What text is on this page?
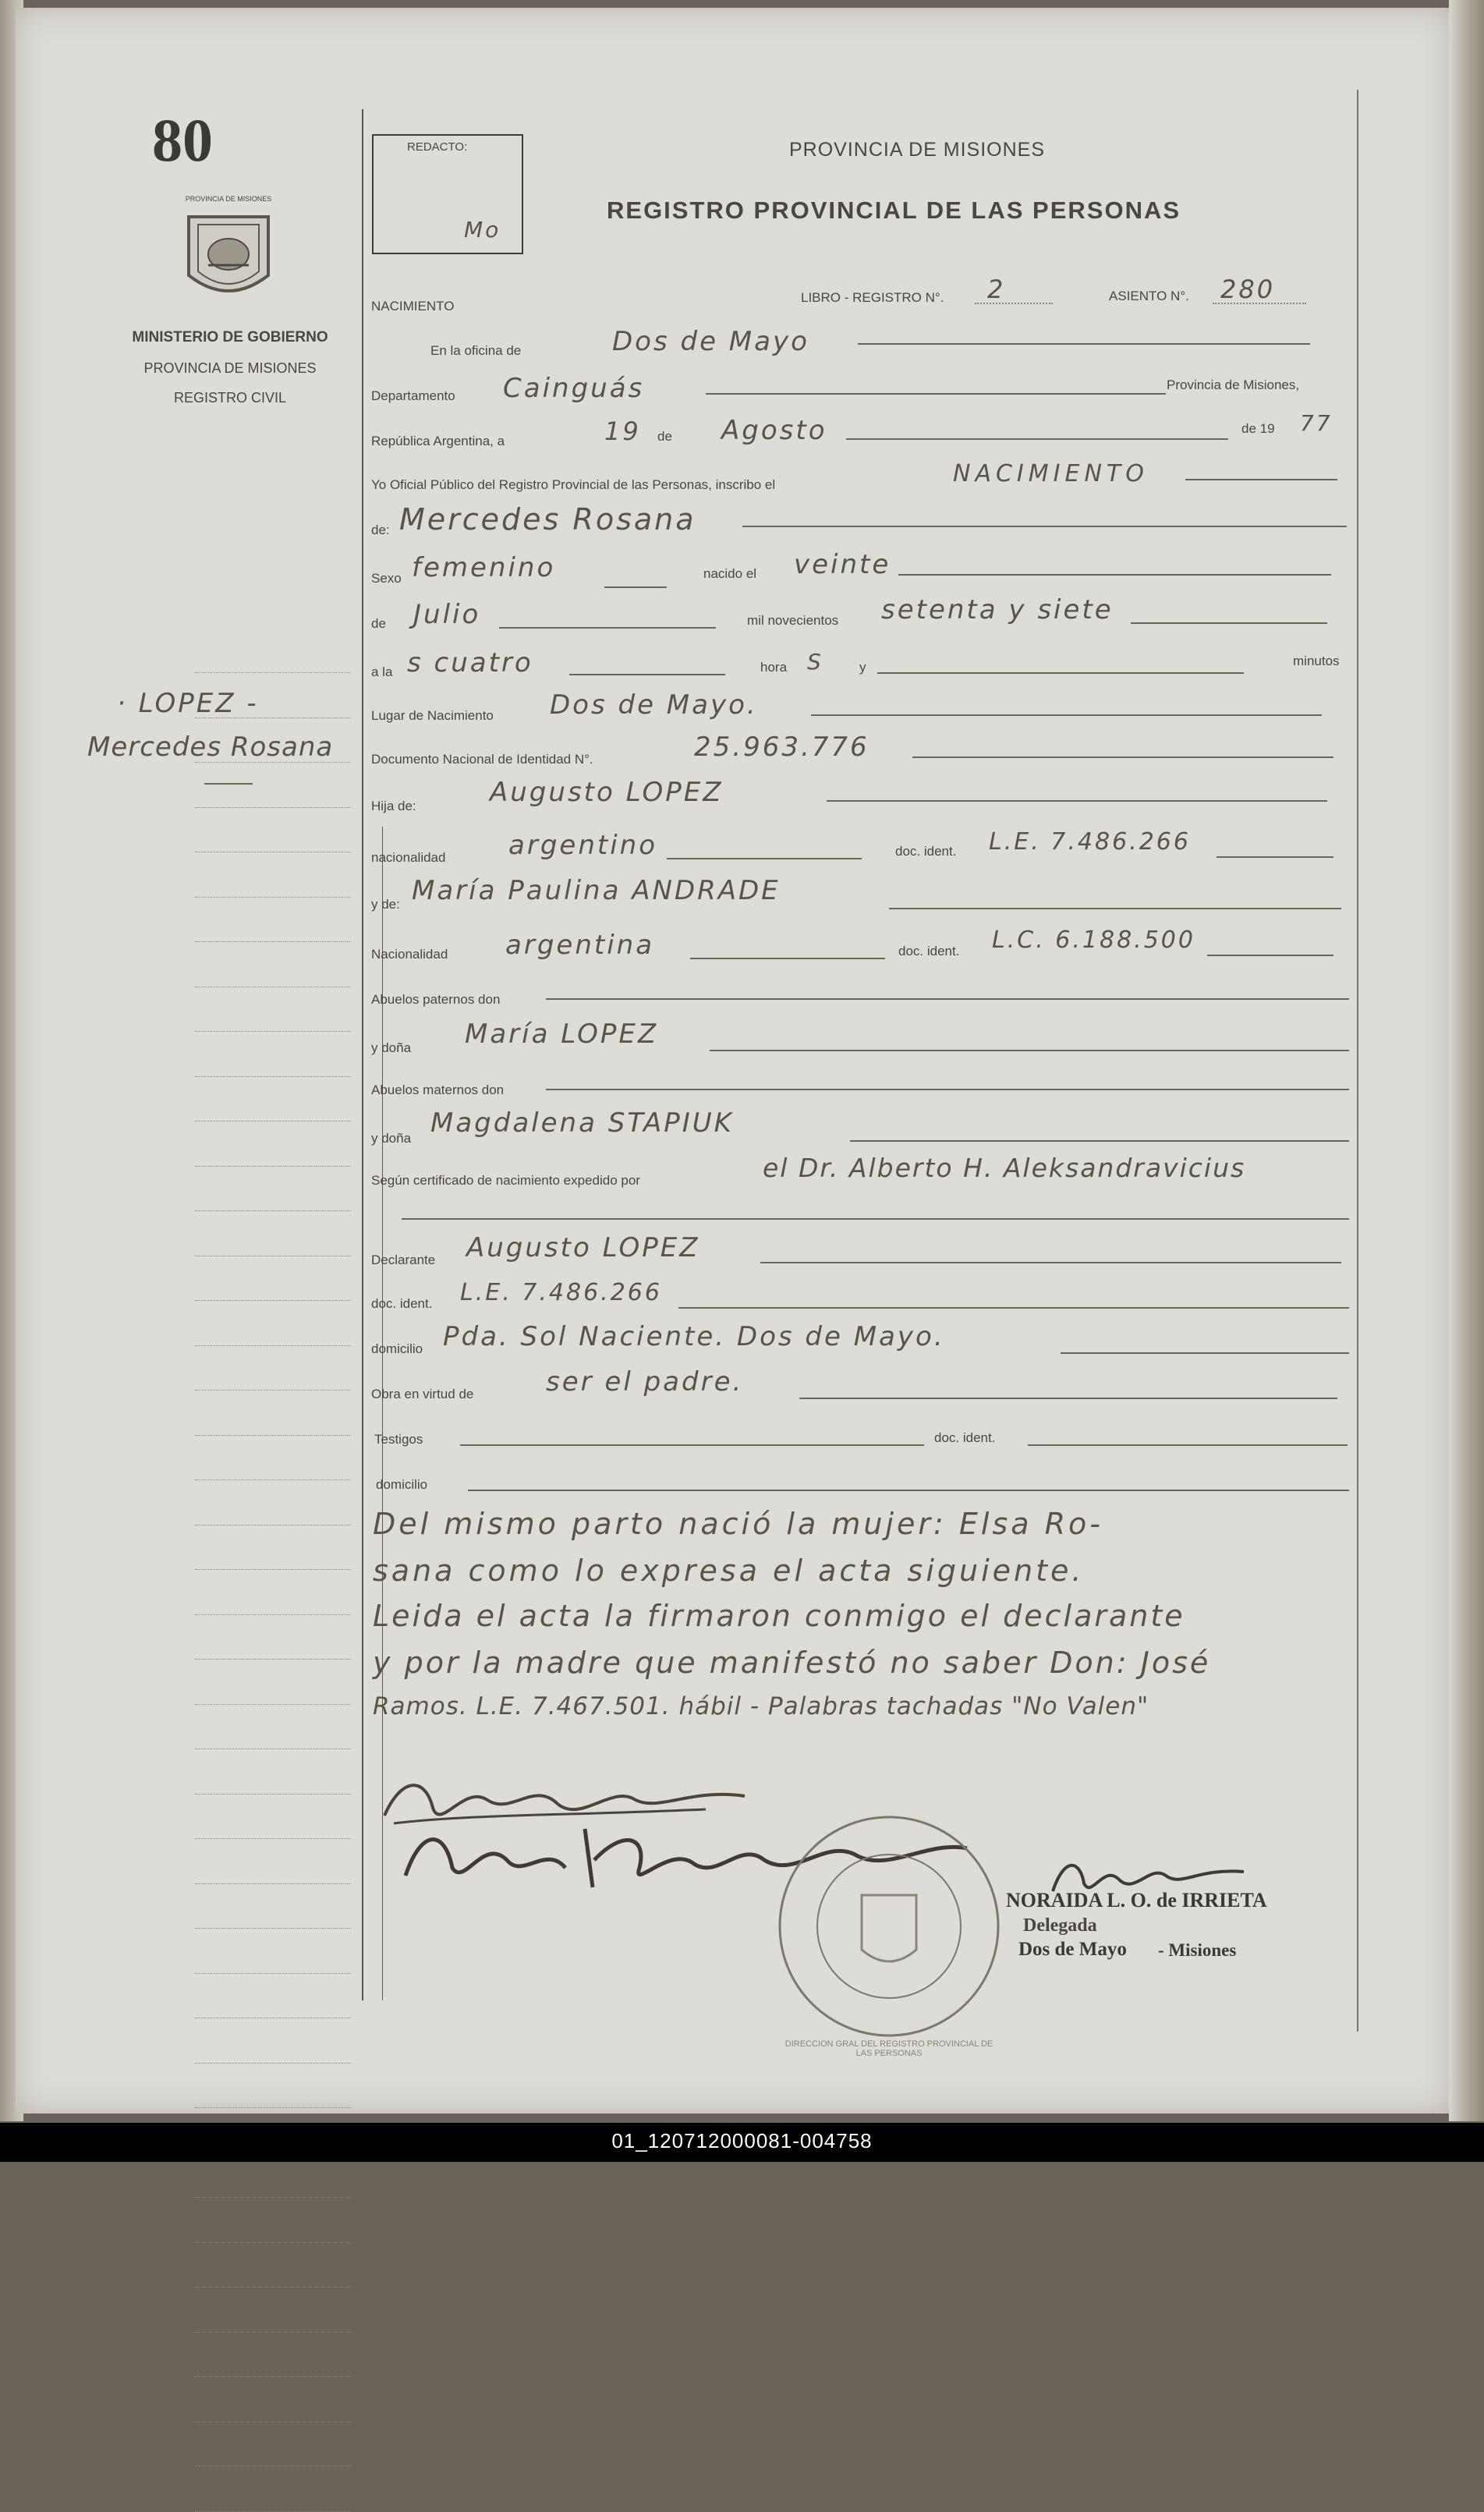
80
PROVINCIA DE MISIONES
MINISTERIO DE GOBIERNO
PROVINCIA DE MISIONES
REGISTRO CIVIL
· LOPEZ -
Mercedes Rosana
REDACTO:
Mo
PROVINCIA DE MISIONES
REGISTRO PROVINCIAL DE LAS PERSONAS
NACIMIENTO
LIBRO - REGISTRO N°. 2	ASIENTO N°. 280
En la oficina de	Dos de Mayo
Departamento Cainguás	Provincia de Misiones,
República Argentina, a	19 de Agosto	de 19 77
Yo Oficial Público del Registro Provincial de las Personas, inscribo el	NACIMIENTO
de: Mercedes Rosana
Sexo femenino	nacido el veinte
de Julio	mil novecientos setenta y siete
a la s cuatro	hora S	y	minutos
Lugar de Nacimiento Dos de Mayo.
Documento Nacional de Identidad N°.	25.963.776
Hija de:	Augusto LOPEZ
nacionalidad argentino	doc. ident. L.E. 7.486.266
y de: María Paulina ANDRADE
Nacionalidad argentina	doc. ident. L.C. 6.188.500
Abuelos paternos don
y doña María LOPEZ
Abuelos maternos don
y doña Magdalena STAPIUK
Según certificado de nacimiento expedido por	el Dr. Alberto H. Aleksandravicius
Declarante Augusto LOPEZ
doc. ident. L.E. 7.486.266
domicilio Pda. Sol Naciente. Dos de Mayo.
Obra en virtud de	ser el padre.
Testigos	doc. ident.
domicilio
Del mismo parto nació la mujer: Elsa Ro-
sana como lo expresa el acta siguiente.
Leida el acta la firmaron conmigo el declarante
y por la madre que manifestó no saber Don: José
Ramos. L.E. 7.467.501. hábil - Palabras tachadas "No Valen"
DIRECCION GRAL DEL REGISTRO PROVINCIAL DE LAS PERSONAS
NORAIDA L. O. de IRRIETA
Delegada
Dos de Mayo - Misiones
01_120712000081-004758
